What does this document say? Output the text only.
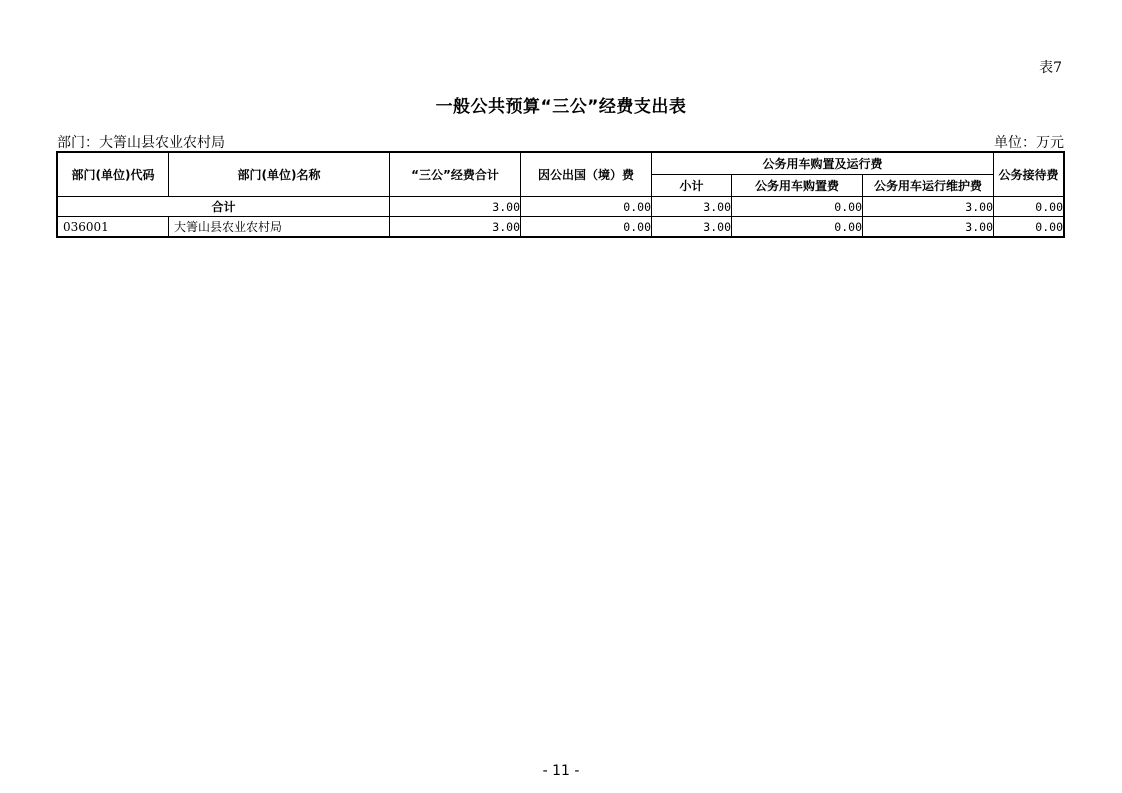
表7
一般公共预算“三公”经费支出表
部门：大箐山县农业农村局	单位：万元
部门(单位)代码	部门(单位)名称	“三公”经费合计	因公出国（境）费	公务用车购置及运行费			公务接待费
				小计	公务用车购置费	公务用车运行维护费	
合计		3.00	0.00	3.00	0.00	3.00	0.00
036001	大箐山县农业农村局	3.00	0.00	3.00	0.00	3.00	0.00
- 11 -
